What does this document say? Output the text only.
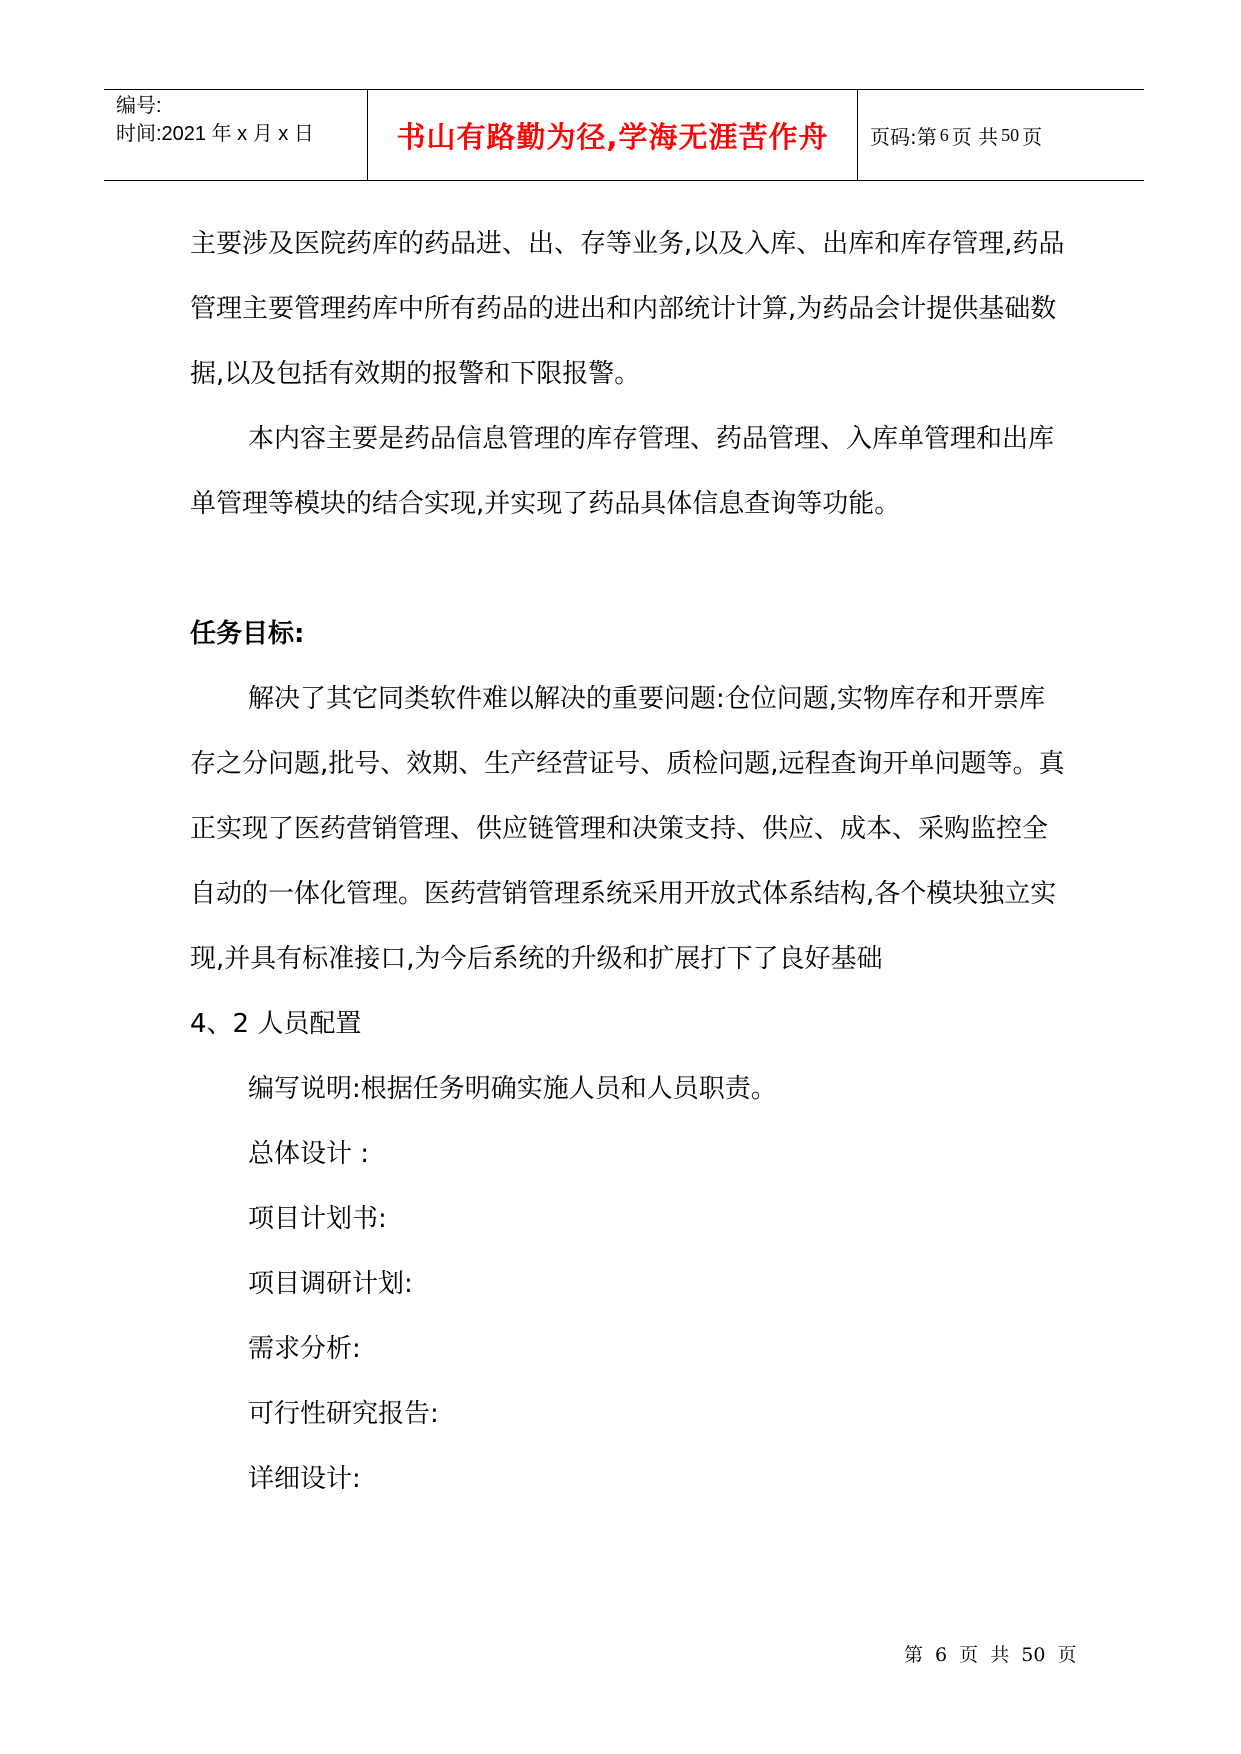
编号:
时间:2021 年 x 月 x 日	书山有路勤为径,学海无涯苦作舟	页码:第 6 页 共 50 页

主要涉及医院药库的药品进、出、存等业务,以及入库、出库和库存管理,药品管理主要管理药库中所有药品的进出和内部统计计算,为药品会计提供基础数据,以及包括有效期的报警和下限报警。

本内容主要是药品信息管理的库存管理、药品管理、入库单管理和出库单管理等模块的结合实现,并实现了药品具体信息查询等功能。

任务目标:

解决了其它同类软件难以解决的重要问题:仓位问题,实物库存和开票库存之分问题,批号、效期、生产经营证号、质检问题,远程查询开单问题等。真正实现了医药营销管理、供应链管理和决策支持、供应、成本、采购监控全自动的一体化管理。医药营销管理系统采用开放式体系结构,各个模块独立实现,并具有标准接口,为今后系统的升级和扩展打下了良好基础

4、2 人员配置

编写说明:根据任务明确实施人员和人员职责。

总体设计 :

项目计划书:

项目调研计划:

需求分析:

可行性研究报告:

详细设计:

第 6 页 共 50 页
